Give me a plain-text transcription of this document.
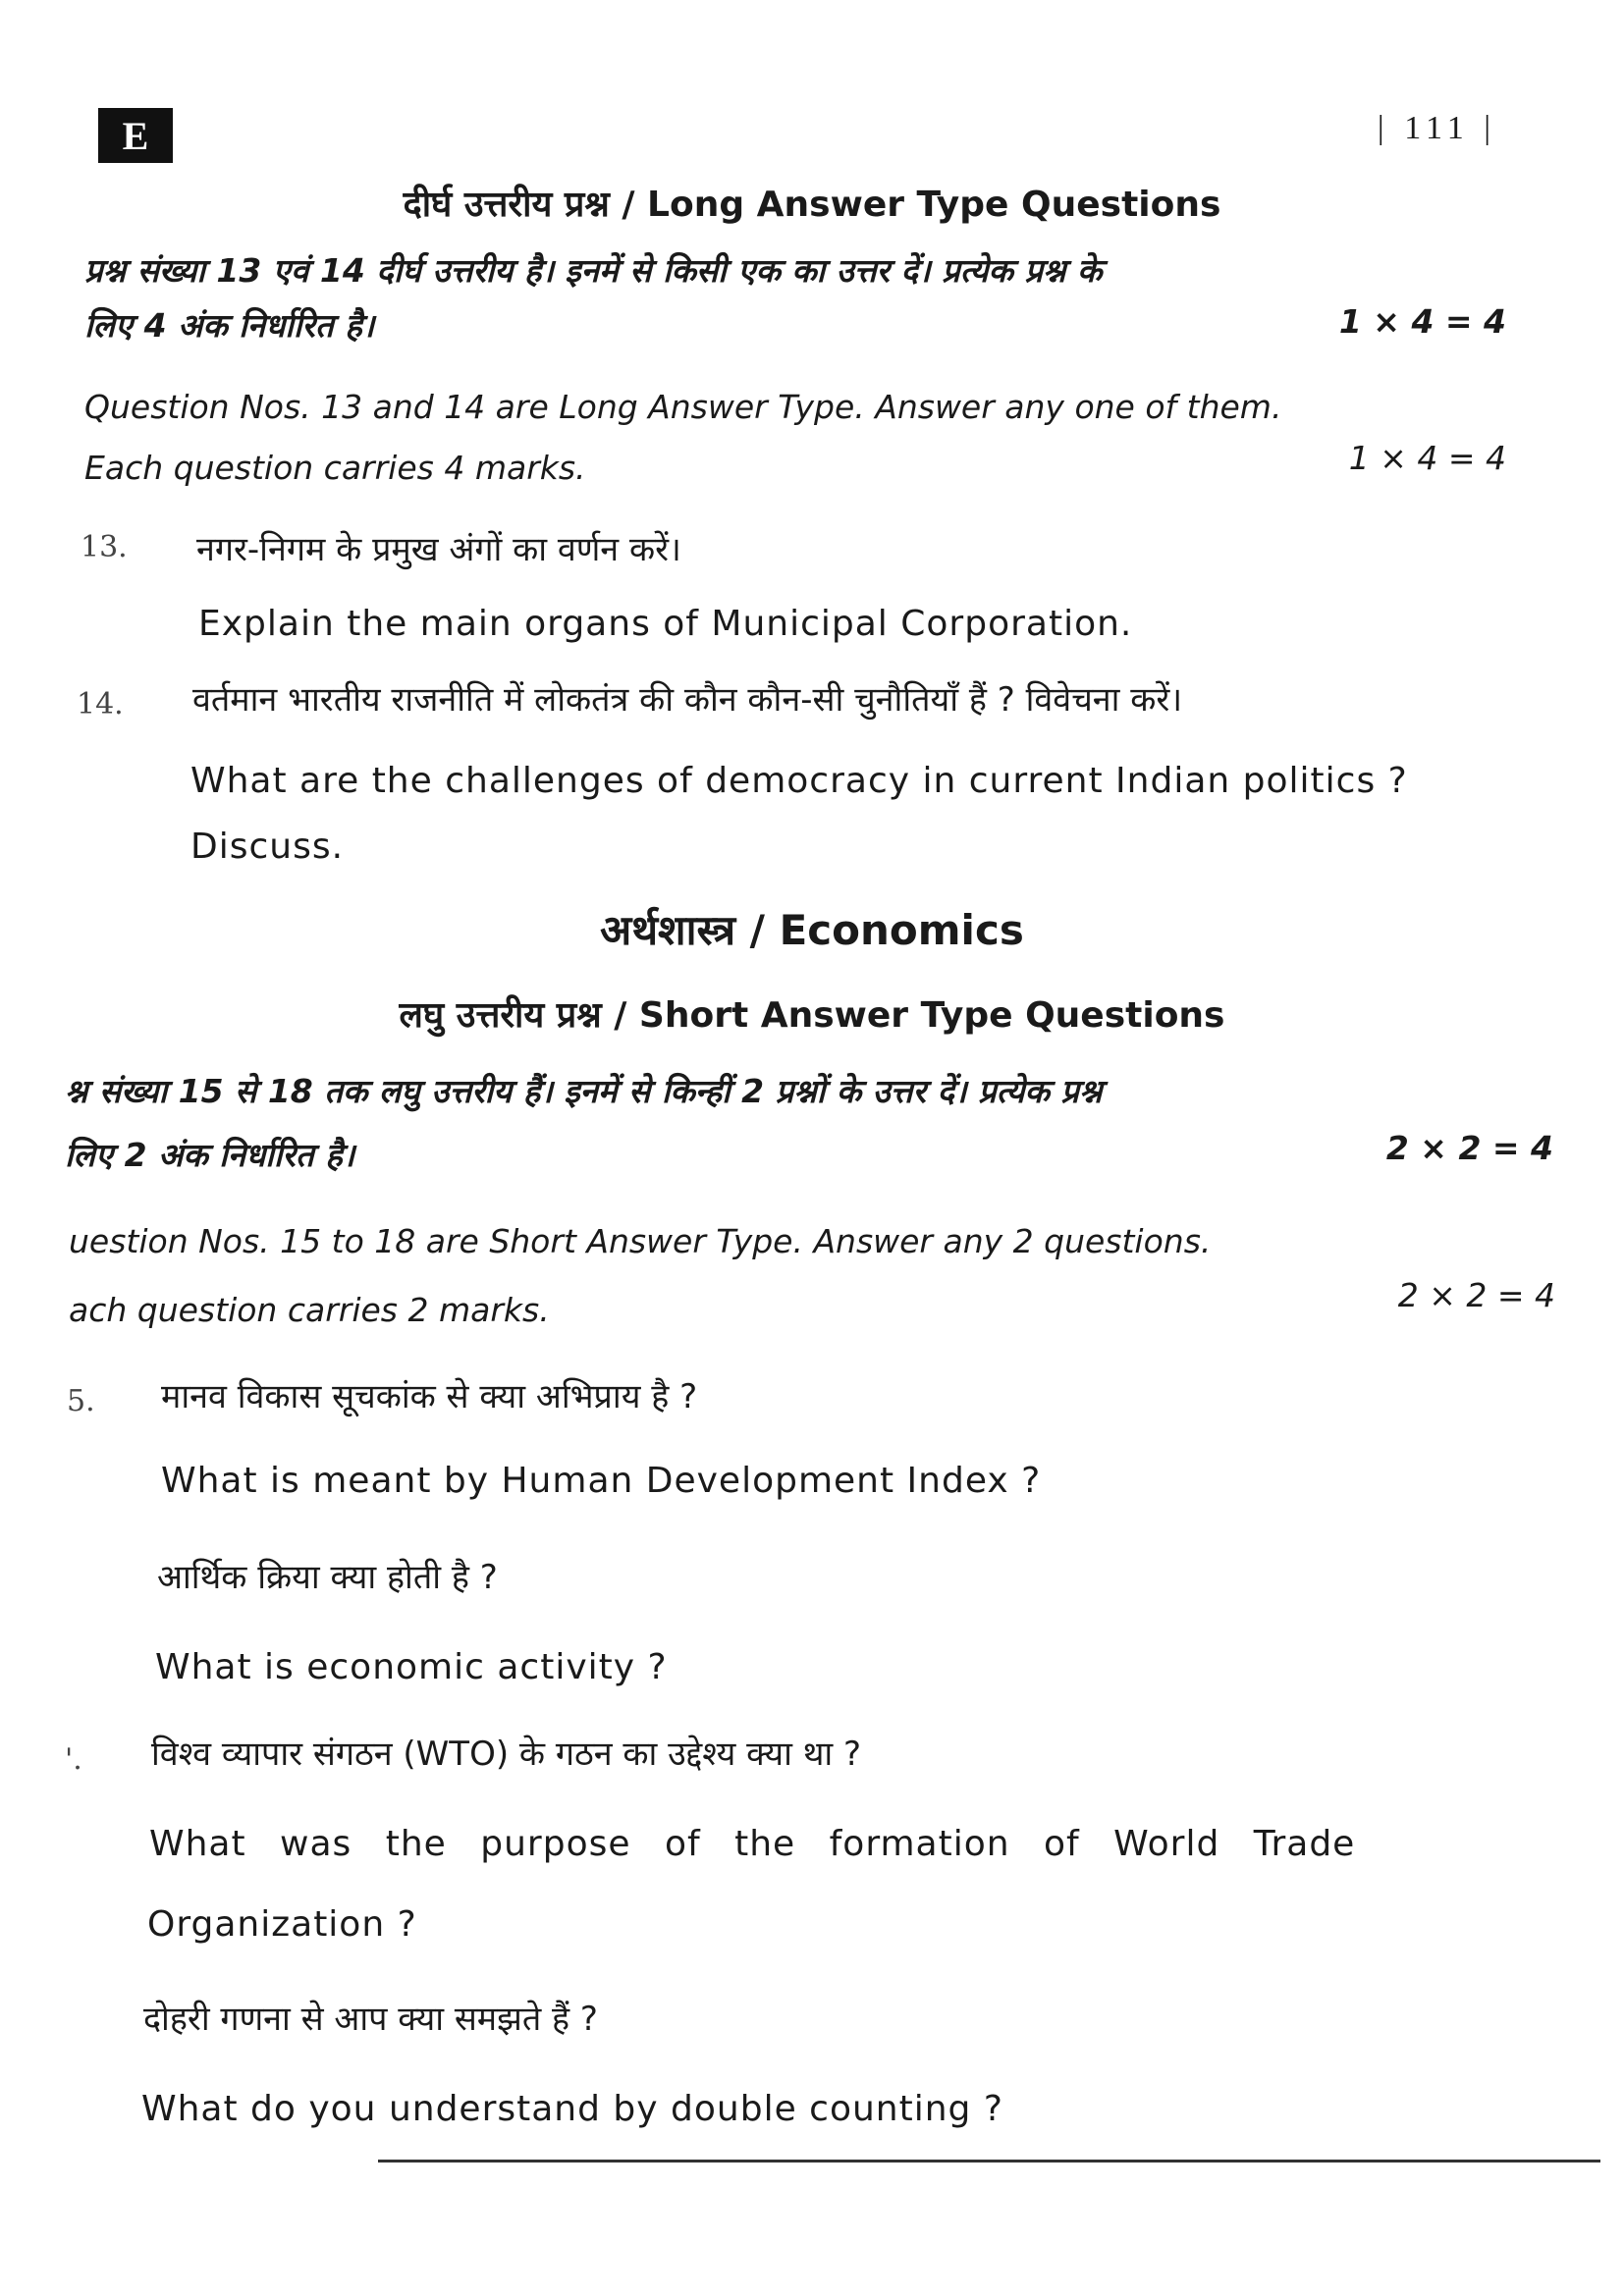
E	| 111 |
दीर्घ उत्तरीय प्रश्न / Long Answer Type Questions
प्रश्न संख्या 13 एवं 14 दीर्घ उत्तरीय है। इनमें से किसी एक का उत्तर दें। प्रत्येक प्रश्न के
लिए 4 अंक निर्धारित है।	1 × 4 = 4
Question Nos. 13 and 14 are Long Answer Type. Answer any one of them.
Each question carries 4 marks.	1 × 4 = 4
13. नगर-निगम के प्रमुख अंगों का वर्णन करें।
Explain the main organs of Municipal Corporation.
14. वर्तमान भारतीय राजनीति में लोकतंत्र की कौन कौन-सी चुनौतियाँ हैं ? विवेचना करें।
What are the challenges of democracy in current Indian politics ?
Discuss.
अर्थशास्त्र / Economics
लघु उत्तरीय प्रश्न / Short Answer Type Questions
श्न संख्या 15 से 18 तक लघु उत्तरीय हैं। इनमें से किन्हीं 2 प्रश्नों के उत्तर दें। प्रत्येक प्रश्न
लिए 2 अंक निर्धारित है।	2 × 2 = 4
uestion Nos. 15 to 18 are Short Answer Type. Answer any 2 questions.
ach question carries 2 marks.	2 × 2 = 4
5. मानव विकास सूचकांक से क्या अभिप्राय है ?
What is meant by Human Development Index ?
आर्थिक क्रिया क्या होती है ?
What is economic activity ?
'. विश्व व्यापार संगठन (WTO) के गठन का उद्देश्य क्या था ?
What was the purpose of the formation of World Trade
Organization ?
दोहरी गणना से आप क्या समझते हैं ?
What do you understand by double counting ?
